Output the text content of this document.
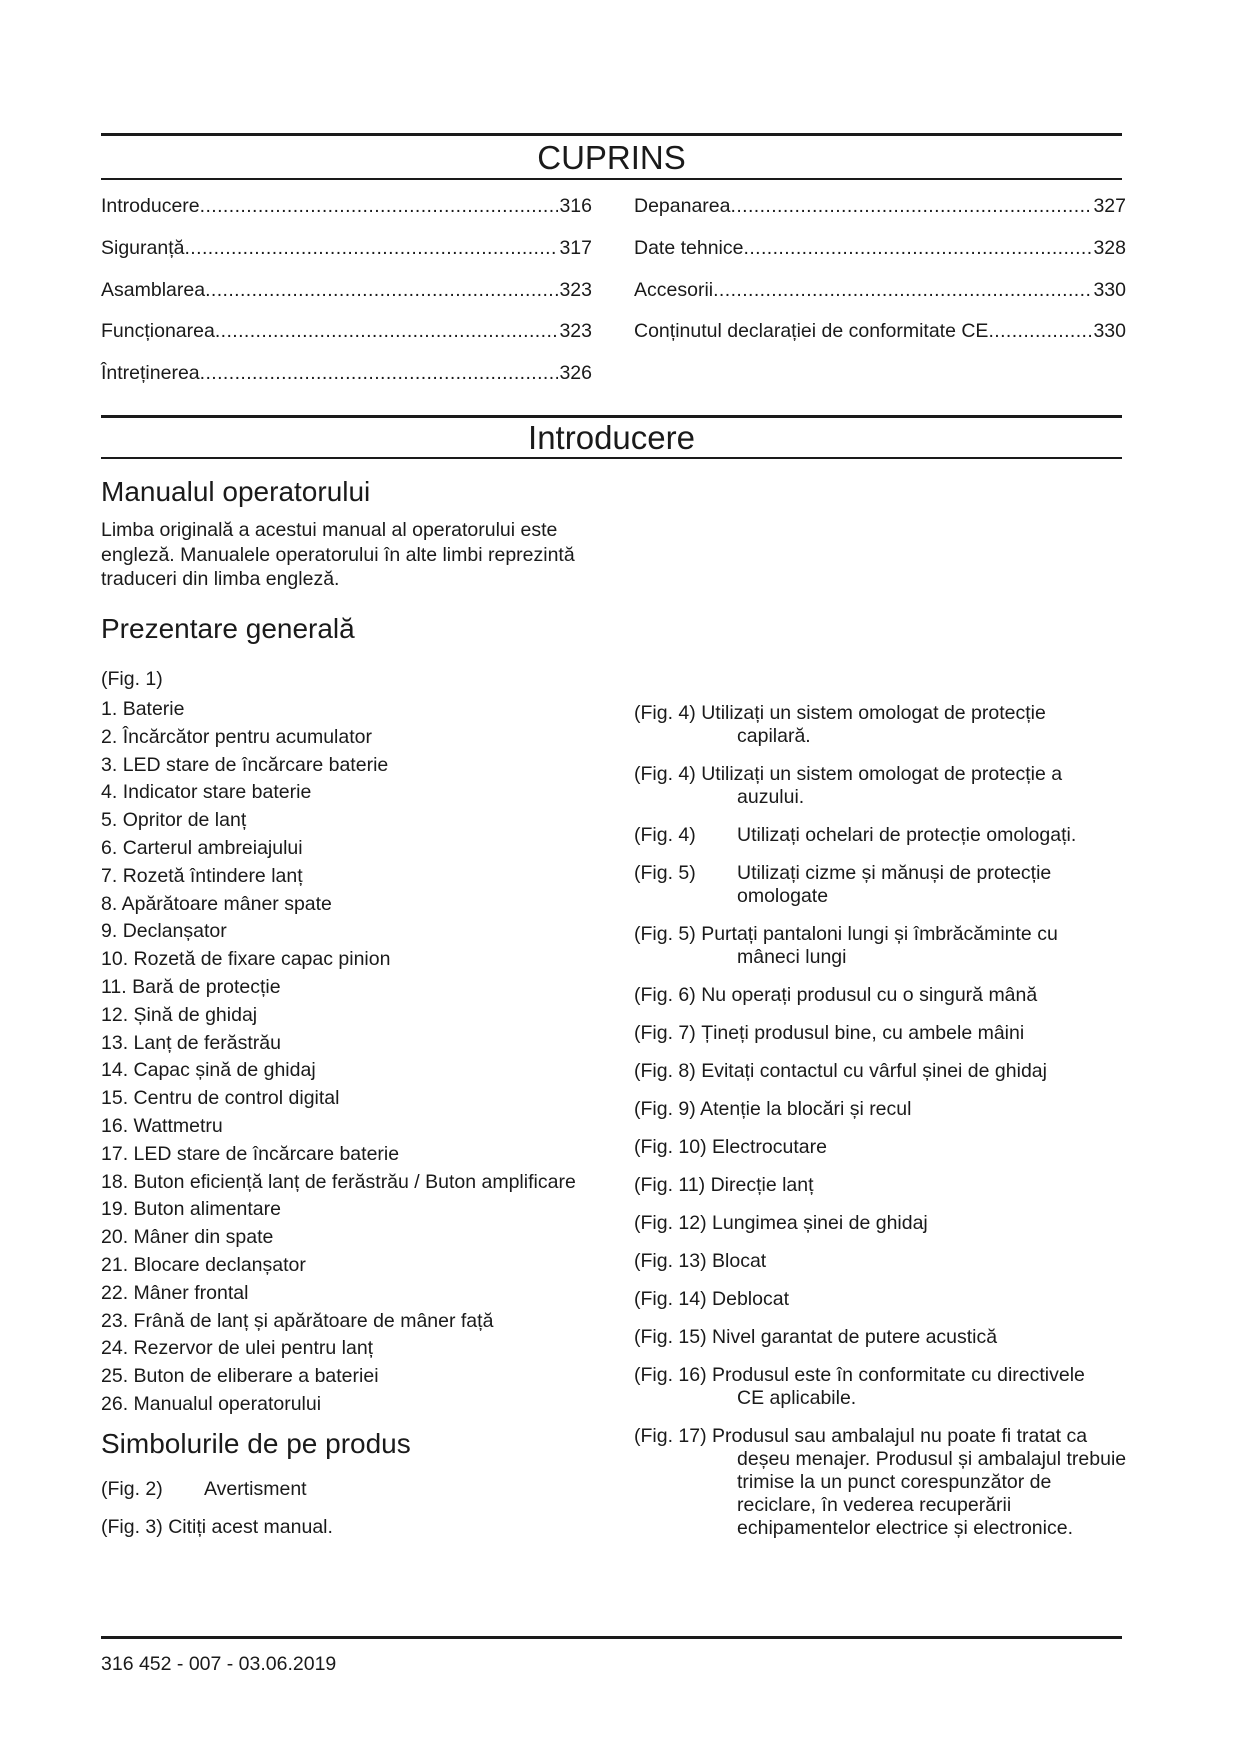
CUPRINS
Introducere .....	316
Siguranță .....	317
Asamblarea .....	323
Funcționarea .....	323
Întreținerea .....	326
Depanarea .....	327
Date tehnice .....	328
Accesorii .....	330
Conținutul declarației de conformitate CE .....	330
Introducere
Manualul operatorului
Limba originală a acestui manual al operatorului este
engleză. Manualele operatorului în alte limbi reprezintă
traduceri din limba engleză.
Prezentare generală
(Fig. 1)
1. Baterie
2. Încărcător pentru acumulator
3. LED stare de încărcare baterie
4. Indicator stare baterie
5. Opritor de lanț
6. Carterul ambreiajului
7. Rozetă întindere lanț
8. Apărătoare mâner spate
9. Declanșator
10. Rozetă de fixare capac pinion
11. Bară de protecție
12. Șină de ghidaj
13. Lanț de ferăstrău
14. Capac șină de ghidaj
15. Centru de control digital
16. Wattmetru
17. LED stare de încărcare baterie
18. Buton eficiență lanț de ferăstrău / Buton amplificare
19. Buton alimentare
20. Mâner din spate
21. Blocare declanșator
22. Mâner frontal
23. Frână de lanț și apărătoare de mâner față
24. Rezervor de ulei pentru lanț
25. Buton de eliberare a bateriei
26. Manualul operatorului
Simbolurile de pe produs
(Fig. 2) Avertisment
(Fig. 3) Citiți acest manual.
(Fig. 4) Utilizați un sistem omologat de protecție
capilară.
(Fig. 4) Utilizați un sistem omologat de protecție a
auzului.
(Fig. 4) Utilizați ochelari de protecție omologați.
(Fig. 5) Utilizați cizme și mănuși de protecție
omologate
(Fig. 5) Purtați pantaloni lungi și îmbrăcăminte cu
mâneci lungi
(Fig. 6) Nu operați produsul cu o singură mână
(Fig. 7) Țineți produsul bine, cu ambele mâini
(Fig. 8) Evitați contactul cu vârful șinei de ghidaj
(Fig. 9) Atenție la blocări și recul
(Fig. 10) Electrocutare
(Fig. 11) Direcție lanț
(Fig. 12) Lungimea șinei de ghidaj
(Fig. 13) Blocat
(Fig. 14) Deblocat
(Fig. 15) Nivel garantat de putere acustică
(Fig. 16) Produsul este în conformitate cu directivele
CE aplicabile.
(Fig. 17) Produsul sau ambalajul nu poate fi tratat ca
deșeu menajer. Produsul și ambalajul trebuie
trimise la un punct corespunzător de
reciclare, în vederea recuperării
echipamentelor electrice și electronice.
316 452 - 007 - 03.06.2019
